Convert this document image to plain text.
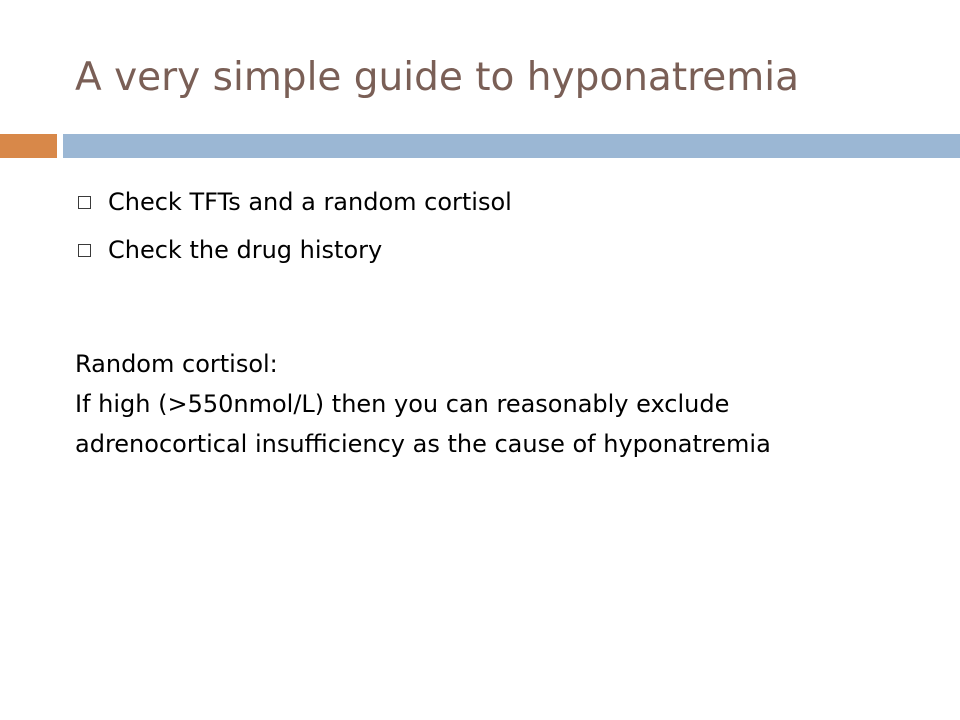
A very simple guide to hyponatremia
Check TFTs and a random cortisol
Check the drug history

Random cortisol:

If high (>550nmol/L) then you can reasonably exclude adrenocortical insufficiency as the cause of hyponatremia
